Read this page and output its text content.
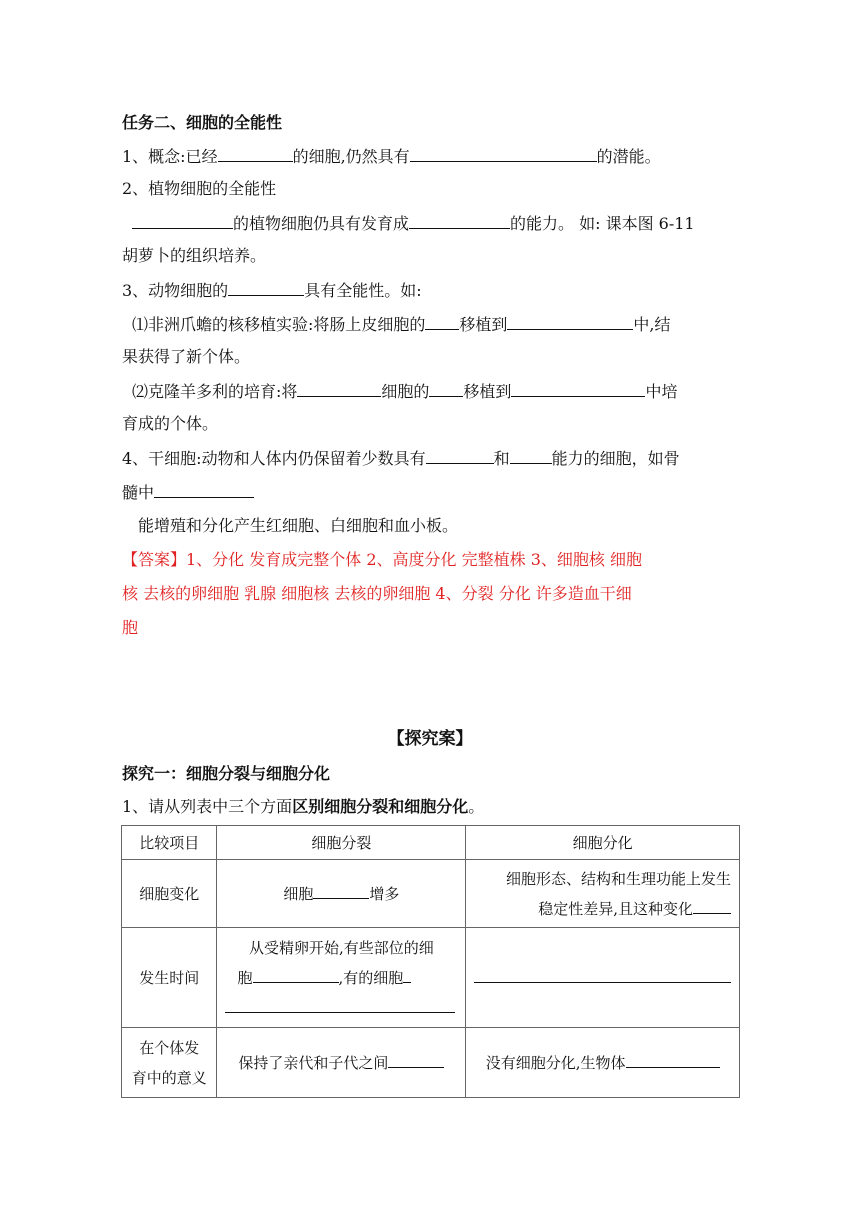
任务二、细胞的全能性
1、概念:已经	的细胞,仍然具有	的潜能。
2、植物细胞的全能性
的植物细胞仍具有发育成	的能力。 如: 课本图 6-11
胡萝卜的组织培养。
3、动物细胞的	具有全能性。如:
⑴非洲爪蟾的核移植实验:将肠上皮细胞的 移植到	中,结
果获得了新个体。
⑵克隆羊多利的培育:将	细胞的 移植到	中培
育成的个体。
4、干细胞:动物和人体内仍保留着少数具有	和	能力的细胞，如骨
髓中
能增殖和分化产生红细胞、白细胞和血小板。
【答案】1、分化 发育成完整个体 2、高度分化 完整植株 3、细胞核 细胞
核 去核的卵细胞 乳腺 细胞核 去核的卵细胞 4、分裂 分化 许多造血干细
胞
【探究案】
探究一：细胞分裂与细胞分化
1、请从列表中三个方面区别细胞分裂和细胞分化。
比较项目	细胞分裂	细胞分化
细胞变化	细胞 增多	细胞形态、结构和生理功能上发生
稳定性差异,且这种变化

发生时间	从受精卵开始,有些部位的细
胞 ,有的细胞	

在个体发
育中的意义	保持了亲代和子代之间	没有细胞分化,生物体
